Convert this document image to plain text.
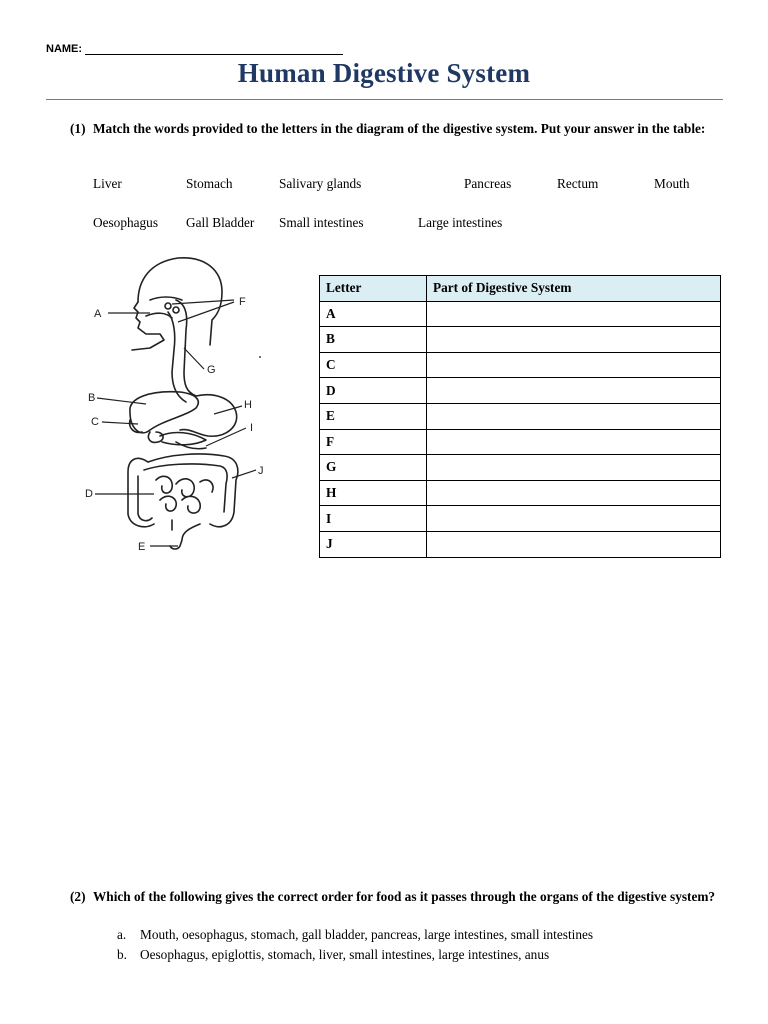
NAME:
Human Digestive System
(1) Match the words provided to the letters in the diagram of the digestive system. Put your answer in the table:
Liver	Stomach	Salivary glands	Pancreas	Rectum	Mouth
Oesophagus Gall Bladder Small intestines	Large intestines
A
B
C
D
E
F
G
H
I
J
Letter	Part of Digestive System
A	
B	
C	
D	
E	
F	
G	
H	
I	
J	
(2) Which of the following gives the correct order for food as it passes through the organs of the digestive system?
a.	Mouth, oesophagus, stomach, gall bladder, pancreas, large intestines, small intestines
b. Oesophagus, epiglottis, stomach, liver, small intestines, large intestines, anus
